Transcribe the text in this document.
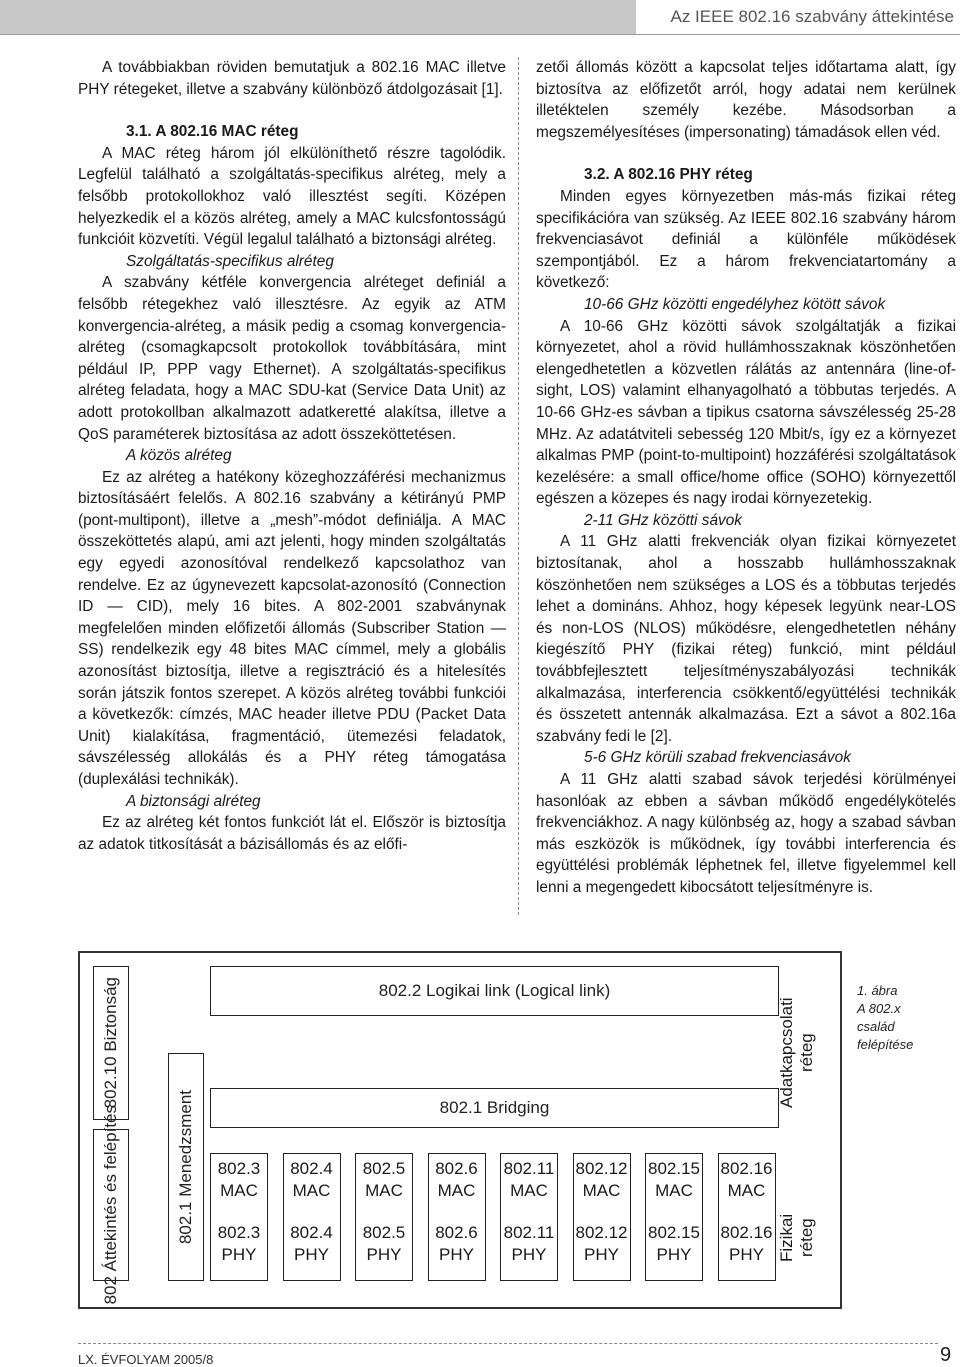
Az IEEE 802.16 szabvány áttekintése

A továbbiakban röviden bemutatjuk a 802.16 MAC illetve PHY rétegeket, illetve a szabvány különböző átdolgozásait [1].

3.1. A 802.16 MAC réteg

A MAC réteg három jól elkülöníthető részre tagolódik. Legfelül található a szolgáltatás-specifikus alréteg, mely a felsőbb protokollokhoz való illesztést segíti. Középen helyezkedik el a közös alréteg, amely a MAC kulcsfontosságú funkcióit közvetíti. Végül legalul található a biztonsági alréteg.

Szolgáltatás-specifikus alréteg

A szabvány kétféle konvergencia alréteget definiál a felsőbb rétegekhez való illesztésre. Az egyik az ATM konvergencia-alréteg, a másik pedig a csomag konvergencia-alréteg (csomagkapcsolt protokollok továbbítására, mint például IP, PPP vagy Ethernet). A szolgáltatás-specifikus alréteg feladata, hogy a MAC SDU-kat (Service Data Unit) az adott protokollban alkalmazott adatkeretté alakítsa, illetve a QoS paraméterek biztosítása az adott összeköttetésen.

A közös alréteg

Ez az alréteg a hatékony közeghozzáférési mechanizmus biztosításáért felelős. A 802.16 szabvány a kétirányú PMP (pont-multipont), illetve a „mesh”-módot definiálja. A MAC összeköttetés alapú, ami azt jelenti, hogy minden szolgáltatás egy egyedi azonosítóval rendelkező kapcsolathoz van rendelve. Ez az úgynevezett kapcsolat-azonosító (Connection ID — CID), mely 16 bites. A 802-2001 szabványnak megfelelően minden előfizetői állomás (Subscriber Station — SS) rendelkezik egy 48 bites MAC címmel, mely a globális azonosítást biztosítja, illetve a regisztráció és a hitelesítés során játszik fontos szerepet. A közös alréteg további funkciói a következők: címzés, MAC header illetve PDU (Packet Data Unit) kialakítása, fragmentáció, ütemezési feladatok, sávszélesség allokálás és a PHY réteg támogatása (duplexálási technikák).

A biztonsági alréteg

Ez az alréteg két fontos funkciót lát el. Először is biztosítja az adatok titkosítását a bázisállomás és az előfi-

zetői állomás között a kapcsolat teljes időtartama alatt, így biztosítva az előfizetőt arról, hogy adatai nem kerülnek illetéktelen személy kezébe. Másodsorban a megszemélyesítéses (impersonating) támadások ellen véd.

3.2. A 802.16 PHY réteg

Minden egyes környezetben más-más fizikai réteg specifikációra van szükség. Az IEEE 802.16 szabvány három frekvenciasávot definiál a különféle működések szempontjából. Ez a három frekvenciatartomány a következő:

10-66 GHz közötti engedélyhez kötött sávok

A 10-66 GHz közötti sávok szolgáltatják a fizikai környezetet, ahol a rövid hullámhosszaknak köszönhetően elengedhetetlen a közvetlen rálátás az antennára (line-of-sight, LOS) valamint elhanyagolható a többutas terjedés. A 10-66 GHz-es sávban a tipikus csatorna sávszélesség 25-28 MHz. Az adatátviteli sebesség 120 Mbit/s, így ez a környezet alkalmas PMP (point-to-multipoint) hozzáférési szolgáltatások kezelésére: a small office/home office (SOHO) környezettől egészen a közepes és nagy irodai környezetekig.

2-11 GHz közötti sávok

A 11 GHz alatti frekvenciák olyan fizikai környezetet biztosítanak, ahol a hosszabb hullámhosszaknak köszönhetően nem szükséges a LOS és a többutas terjedés lehet a domináns. Ahhoz, hogy képesek legyünk near-LOS és non-LOS (NLOS) működésre, elengedhetetlen néhány kiegészítő PHY (fizikai réteg) funkció, mint például továbbfejlesztett teljesítményszabályozási technikák alkalmazása, interferencia csökkentő/együttélési technikák és összetett antennák alkalmazása. Ezt a sávot a 802.16a szabvány fedi le [2].

5-6 GHz körüli szabad frekvenciasávok

A 11 GHz alatti szabad sávok terjedési körülményei hasonlóak az ebben a sávban működő engedélykötelés frekvenciákhoz. A nagy különbség az, hogy a szabad sávban más eszközök is működnek, így további interferencia és együttélési problémák léphetnek fel, illetve figyelemmel kell lenni a megengedett kibocsátott teljesítményre is.

802.10 Biztonság
802 Áttekintés és felépítés	802.1 Menedzsment
802.2 Logikai link (Logical link)
802.1 Bridging	Adatkapcsolati
réteg
Fizikai
réteg
802.3
MAC
802.3
PHY
802.4
MAC
802.4
PHY
802.5
MAC
802.5
PHY
802.6
MAC
802.6
PHY
802.11
MAC
802.11
PHY
802.12
MAC
802.12
PHY
802.15
MAC
802.15
PHY
802.16
MAC
802.16
PHY
1. ábra
A 802.x
család
felépítése
LX. ÉVFOLYAM 2005/8	9
